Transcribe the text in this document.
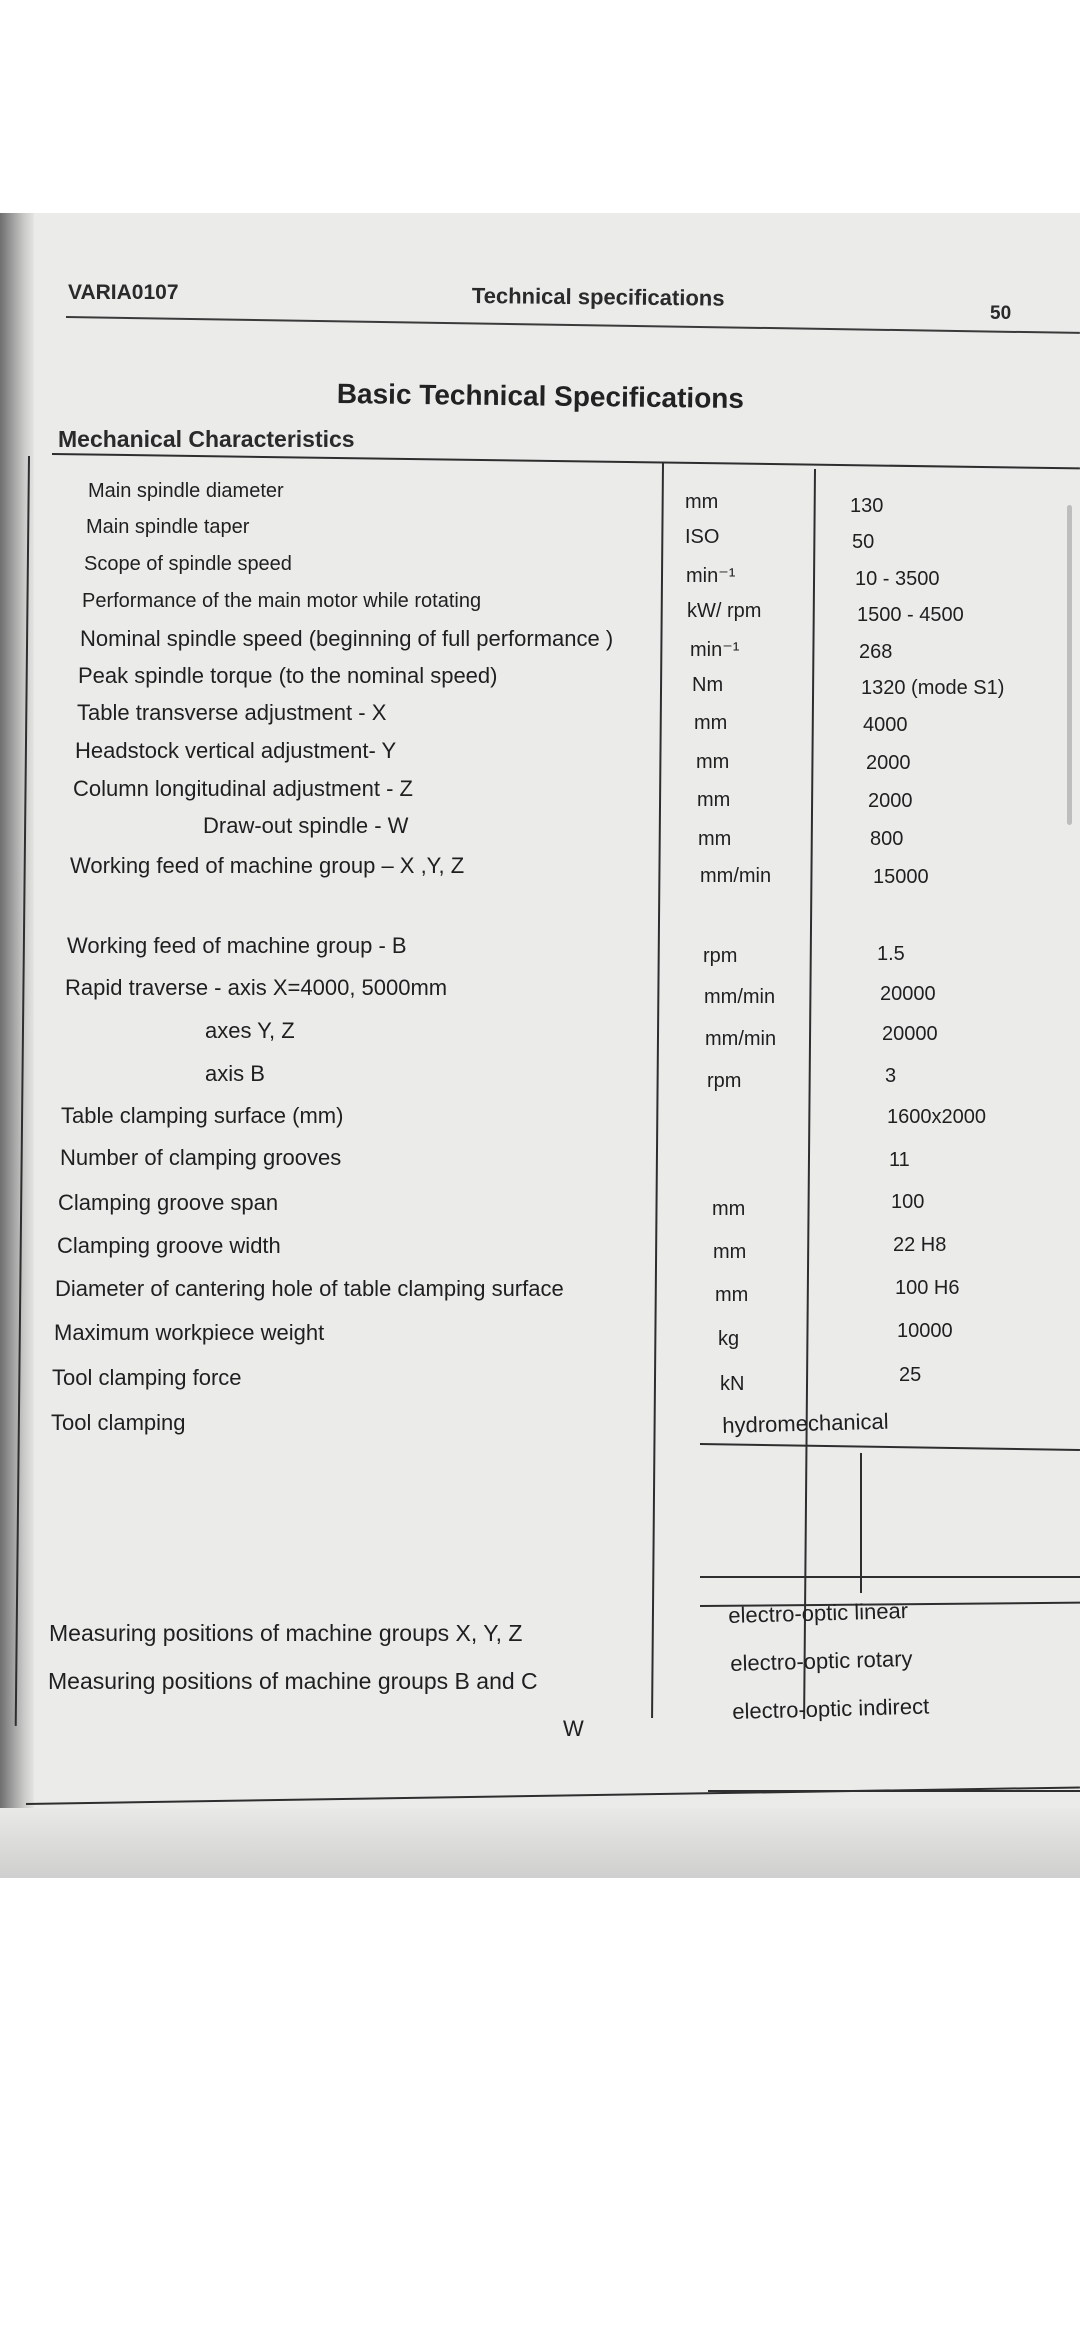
VARIA0107	Technical specifications
50
Basic Technical Specifications
Mechanical Characteristics
Main spindle diameter
Main spindle taper
Scope of spindle speed
Performance of the main motor while rotating
Nominal spindle speed (beginning of full performance )
Peak spindle torque (to the nominal speed)
Table transverse adjustment - X
Headstock vertical adjustment- Y
Column longitudinal adjustment - Z
Draw-out spindle - W
Working feed of machine group – X ,Y, Z
Working feed of machine group - B
Rapid traverse - axis X=4000, 5000mm
axes Y, Z
axis B
Table clamping surface (mm)
Number of clamping grooves
Clamping groove span
Clamping groove width
Diameter of cantering hole of table clamping surface
Maximum workpiece weight
Tool clamping force
Tool clamping
mm
ISO
min⁻¹
kW/ rpm
min⁻¹
Nm
mm
mm
mm
mm
mm/min
rpm
mm/min
mm/min
rpm
mm
mm
mm
kg
kN
hydromechanical
130
50
10 - 3500
1500 - 4500
268
1320 (mode S1)
4000
2000
2000
800
15000
1.5
20000
20000
3
1600x2000
11
100
22 H8
100 H6
10000
25
Measuring positions of machine groups X, Y, Z
Measuring positions of machine groups B and C
W
electro-optic linear
electro-optic rotary
electro-optic indirect
